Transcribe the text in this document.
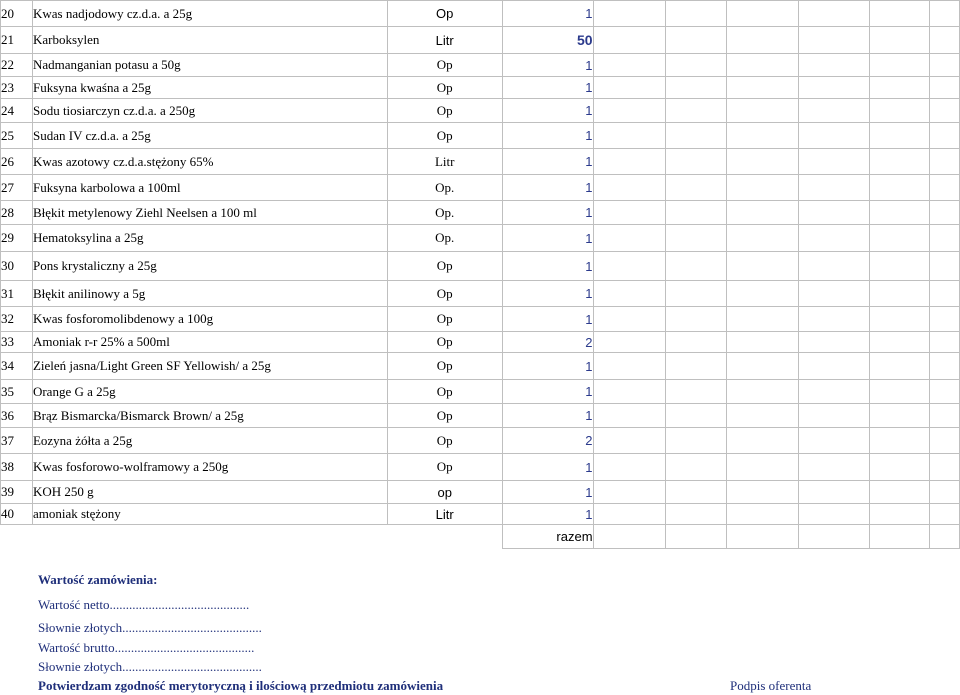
20	Kwas nadjodowy cz.d.a. a 25g	Op	1						
21	Karboksylen	Litr	50						
22	Nadmanganian potasu a 50g	Op	1						
23	Fuksyna kwaśna a 25g	Op	1						
24	Sodu tiosiarczyn cz.d.a. a 250g	Op	1						
25	Sudan IV cz.d.a. a 25g	Op	1						
26	Kwas azotowy cz.d.a.stężony 65%	Litr	1						
27	Fuksyna karbolowa a 100ml	Op.	1						
28	Błękit metylenowy Ziehl Neelsen a 100 ml	Op.	1						
29	Hematoksylina a 25g	Op.	1						
30	Pons krystaliczny a 25g	Op	1						
31	Błękit anilinowy a 5g	Op	1						
32	Kwas fosforomolibdenowy a 100g	Op	1						
33	Amoniak r-r 25% a 500ml	Op	2						
34	Zieleń jasna/Light Green SF Yellowish/ a 25g	Op	1						
35	Orange G a 25g	Op	1						
36	Brąz Bismarcka/Bismarck Brown/ a 25g	Op	1						
37	Eozyna żółta a 25g	Op	2						
38	Kwas fosforowo-wolframowy a 250g	Op	1						
39	KOH 250 g	op	1						
40	amoniak stężony	Litr	1						
			razem						
Wartość zamówienia:
Wartość netto...........................................
Słownie złotych...........................................
Wartość brutto...........................................
Słownie złotych...........................................
Potwierdzam zgodność merytoryczną i ilościową przedmiotu zamówienia	Podpis oferenta
